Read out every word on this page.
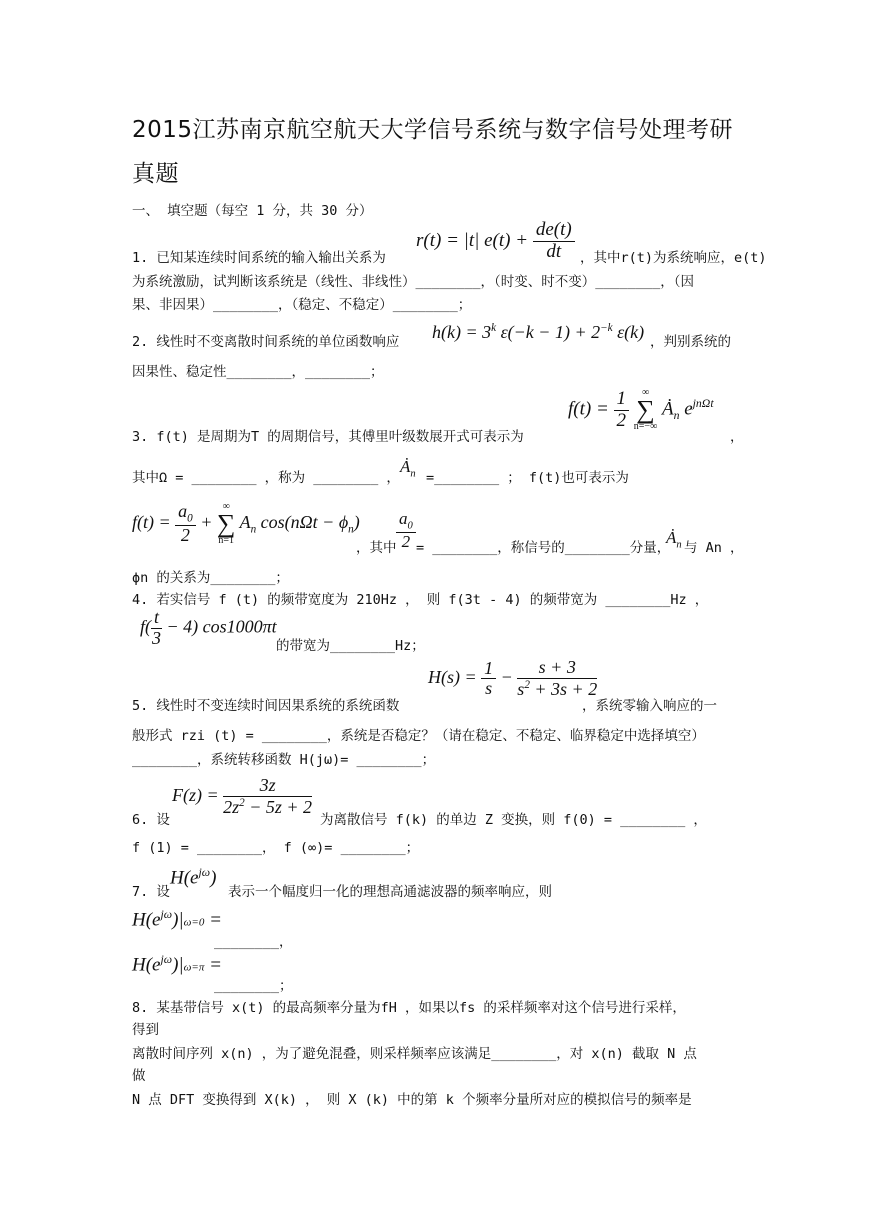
2015江苏南京航空航天大学信号系统与数字信号处理考研
真题
一、 填空题（每空 1 分，共 30 分）
1. 已知某连续时间系统的输入输出关系为
r(t) = |t| $e(t) + \frac{de(t)}{dt}$ ，其中r(t)为系统响应，e(t)
为系统激励，试判断该系统是（线性、非线性）________，（时变、时不变）________，（因
果、非因果）________，（稳定、不稳定）________；
2. 线性时不变离散时间系统的单位函数响应 $h(k) = 3^k$ $\varepsilon(-k - 1) + 2^{-k}$ ε(k) ，判别系统的
因果性、稳定性________，________；
$f(t) = \frac{1}{2}$
	∞
∑
n=−∞
$Ȧ_n$ $e^{jn\Omega t}$
3. f(t) 是周期为T 的周期信号，其傅里叶级数展开式可表示为	，
其中Ω = ________ ，称为 ________ ，
$Ȧ_n$ =________ ； f(t)也可表示为
$f(t) = \frac{a_0}{2}$ +
∞
∑
n=1
$A_n$ $\cos(n\Omega t - \phi_n)$
，其中 $\frac{a_0}{2}$ = ________，称信号的________分量，
$Ȧ_n$ 与 An ，
ϕn 的关系为________；
4. 若实信号 f (t) 的频带宽度为 210Hz ， 则 f(3t - 4) 的频带宽为 ________Hz ，
$f( \frac{t}{3} - 4)$ cos1000πt
的带宽为________Hz；
$H(s) = \frac{1}{s} - \frac{s + 3}{s^2 + 3s + 2}$
5. 线性时不变连续时间因果系统的系统函数	，系统零输入响应的一
般形式 rzi (t) = ________，系统是否稳定？（请在稳定、不稳定、临界稳定中选择填空）
________，系统转移函数 H(jω)= ________；
6. 设
$F(z) = \frac{3z}{2z^2 - 5z + 2}$
为离散信号 f(k) 的单边 Z 变换，则 f(0) = ________ ，
f (1) = ________， f (∞)= ________；
7. 设
$H(e^{j\omega})$
表示一个幅度归一化的理想高通滤波器的频率响应，则
$H(e^{j\omega})|\omega=0$ =
________，
$H(e^{j\omega})|\omega=\pi$ =
________；
8. 某基带信号 x(t) 的最高频率分量为fH ，如果以fs 的采样频率对这个信号进行采样，
得到
离散时间序列 x(n) ，为了避免混叠，则采样频率应该满足________，对 x(n) 截取 N 点
做
N 点 DFT 变换得到 X(k) ， 则 X (k) 中的第 k 个频率分量所对应的模拟信号的频率是
